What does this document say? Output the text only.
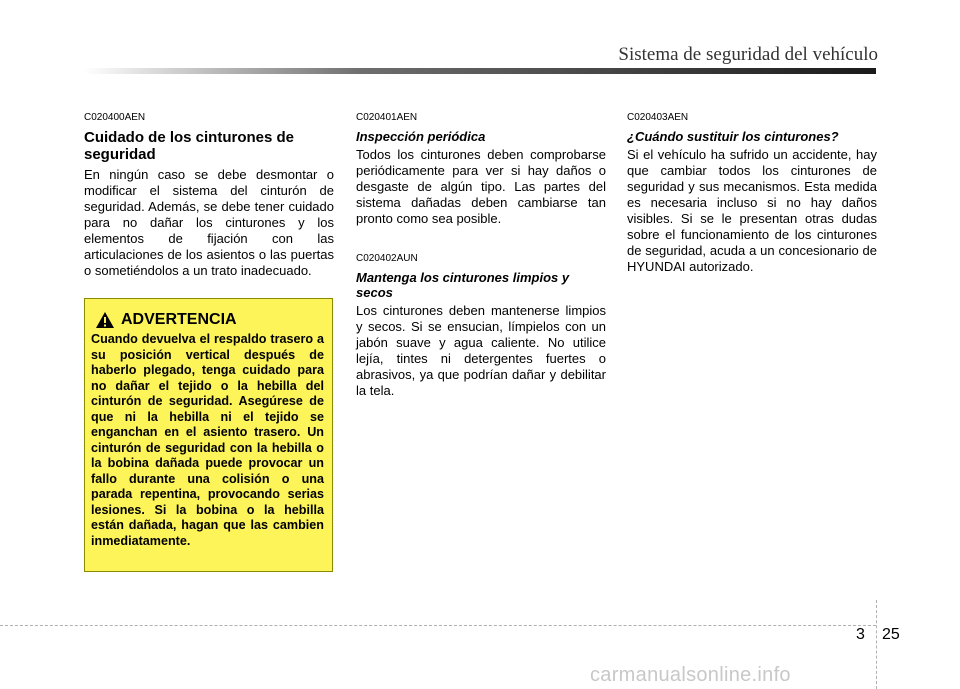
Sistema de seguridad del vehículo

C020400AEN

Cuidado de los cinturones de seguridad

En ningún caso se debe desmontar o modificar el sistema del cinturón de seguridad. Además, se debe tener cuidado para no dañar los cinturones y los elementos de fijación con las articulaciones de los asientos o las puertas o sometiéndolos a un trato inadecuado.

ADVERTENCIA

Cuando devuelva el respaldo trasero a su posición vertical después de haberlo plegado, tenga cuidado para no dañar el tejido o la hebilla del cinturón de seguridad. Asegúrese de que ni la hebilla ni el tejido se enganchan en el asiento trasero. Un cinturón de seguridad con la hebilla o la bobina dañada puede provocar un fallo durante una colisión o una parada repentina, provocando serias lesiones. Si la bobina o la hebilla están dañada, hagan que las cambien inmediatamente.

C020401AEN

Inspección periódica

Todos los cinturones deben comprobarse periódicamente para ver si hay daños o desgaste de algún tipo. Las partes del sistema dañadas deben cambiarse tan pronto como sea posible.

C020402AUN

Mantenga los cinturones limpios y secos

Los cinturones deben mantenerse limpios y secos. Si se ensucian, límpielos con un jabón suave y agua caliente. No utilice lejía, tintes ni detergentes fuertes o abrasivos, ya que podrían dañar y debilitar la tela.

C020403AEN

¿Cuándo sustituir los cinturones?

Si el vehículo ha sufrido un accidente, hay que cambiar todos los cinturones de seguridad y sus mecanismos. Esta medida es necesaria incluso si no hay daños visibles. Si se le presentan otras dudas sobre el funcionamiento de los cinturones de seguridad, acuda a un concesionario de HYUNDAI autorizado.

3 25
carmanualsonline.info
